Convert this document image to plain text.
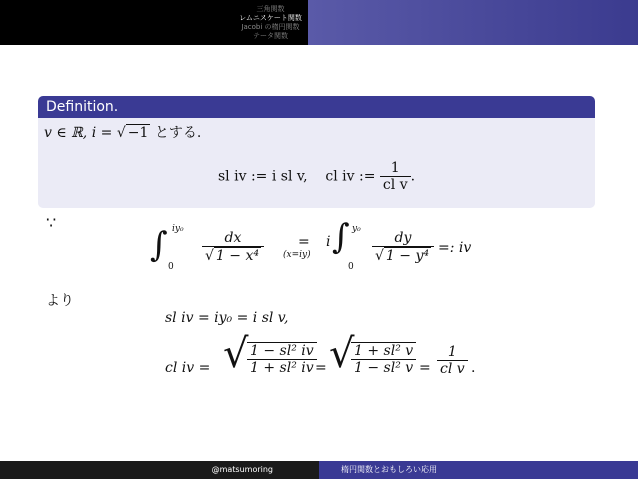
三角関数
レムニスケート関数
Jacobi の楕円関数
テータ関数
Definition.
v ∈ ℝ, i = √ −1 とする.
sl iv := i sl v, cl iv := $\frac{1}{\text{cl v}}$ .
∵
∫ iy₀
0
$\frac{dx}{\text{√ 1 − x⁴}}$ =
(x=iy)
i ∫ y₀
0
$\frac{dy}{\text{√ 1 − y⁴}}$ =: iv
より
sl iv = iy₀ = i sl v,
cl iv = √
$\frac{\text{1 − sl² iv}}{\text{1 + sl² iv}}$
= √
$\frac{\text{1 + sl² v}}{\text{1 − sl² v}} = \frac{1}{\text{cl v}}$ .
@matsumoring	楕円関数とおもしろい応用
